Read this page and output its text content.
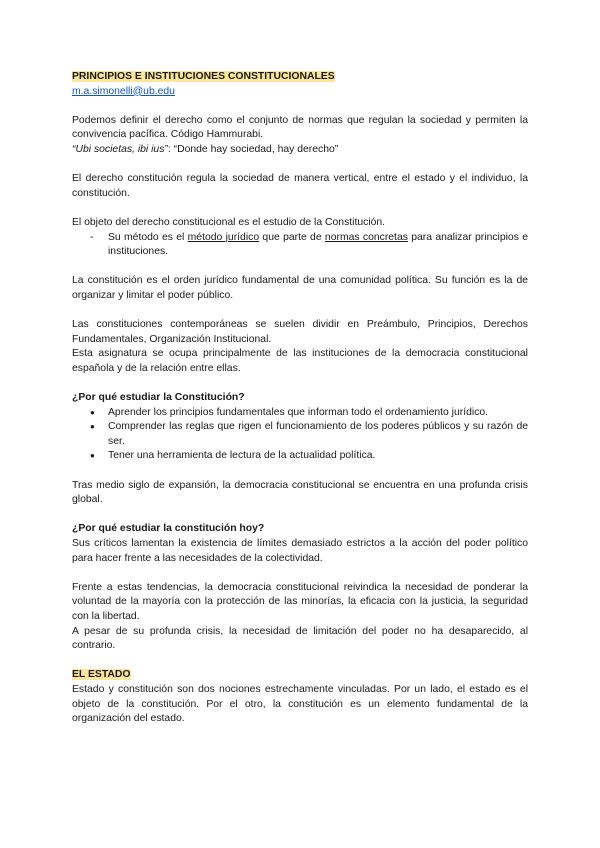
PRINCIPIOS E INSTITUCIONES CONSTITUCIONALES

m.a.simonelli@ub.edu

Podemos definir el derecho como el conjunto de normas que regulan la sociedad y permiten la convivencia pacífica. Código Hammurabi.
“Ubi societas, ibi ius”: “Donde hay sociedad, hay derecho”

El derecho constitución regula la sociedad de manera vertical, entre el estado y el individuo, la constitución.

El objeto del derecho constitucional es el estudio de la Constitución.

- Su método es el método jurídico que parte de normas concretas para analizar principios e instituciones.

La constitución es el orden jurídico fundamental de una comunidad política. Su función es la de organizar y limitar el poder público.

Las constituciones contemporáneas se suelen dividir en Preámbulo, Principios, Derechos Fundamentales, Organización Institucional.

Esta asignatura se ocupa principalmente de las instituciones de la democracia constitucional española y de la relación entre ellas.

¿Por qué estudiar la Constitución?

● Aprender los principios fundamentales que informan todo el ordenamiento jurídico.
● Comprender las reglas que rigen el funcionamiento de los poderes públicos y su razón de ser.
● Tener una herramienta de lectura de la actualidad política.

Tras medio siglo de expansión, la democracia constitucional se encuentra en una profunda crisis global.

¿Por qué estudiar la constitución hoy?

Sus críticos lamentan la existencia de límites demasiado estrictos a la acción del poder político para hacer frente a las necesidades de la colectividad.

Frente a estas tendencias, la democracia constitucional reivindica la necesidad de ponderar la voluntad de la mayoría con la protección de las minorías, la eficacia con la justicia, la seguridad con la libertad.

A pesar de su profunda crisis, la necesidad de limitación del poder no ha desaparecido, al contrario.

EL ESTADO

Estado y constitución son dos nociones estrechamente vinculadas. Por un lado, el estado es el objeto de la constitución. Por el otro, la constitución es un elemento fundamental de la organización del estado.
